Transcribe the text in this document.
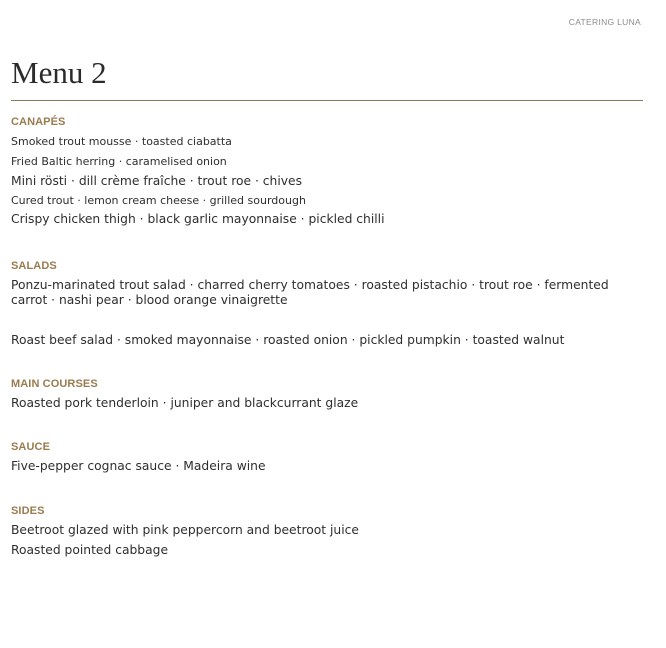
CATERING LUNA
Menu 2
CANAPÉS
Smoked trout mousse · toasted ciabatta
Fried Baltic herring · caramelised onion
Mini rösti · dill crème fraîche · trout roe · chives
Cured trout · lemon cream cheese · grilled sourdough
Crispy chicken thigh · black garlic mayonnaise · pickled chilli
SALADS
Ponzu-marinated trout salad · charred cherry tomatoes · roasted pistachio · trout roe · fermented carrot · nashi pear · blood orange vinaigrette
Roast beef salad · smoked mayonnaise · roasted onion · pickled pumpkin · toasted walnut
MAIN COURSES
Roasted pork tenderloin · juniper and blackcurrant glaze
SAUCE
Five-pepper cognac sauce · Madeira wine
SIDES
Beetroot glazed with pink peppercorn and beetroot juice
Roasted pointed cabbage
